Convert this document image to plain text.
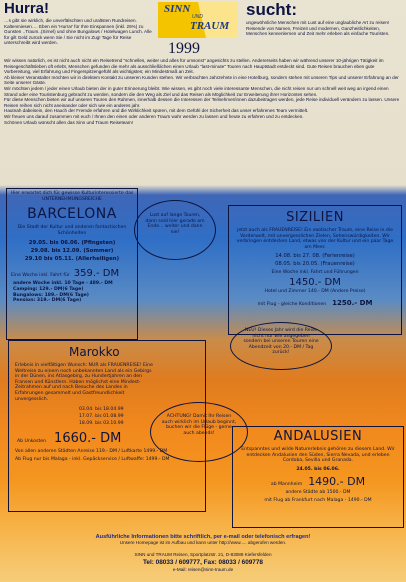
Hurra!
…s gibt sie wirklich, die unverfälschten und uraltsten Rundreisen. Kaltenmiesen…. Eben ein 'Hurra!' für Ihre Einspannen (inkl. 25%) zu Gunsten ..Traum..(Sirnel) und ohne Bungalows / Hotelwagen Lunch. Alle für gilt Geld zurück wenn Sie / Sie nicht im Zug! Tage für Reise unterschreibt wird werden.
SINN
UND
TRAUM
sucht:
ungewöhnliche Menschen mit Lust auf eine unglaubliche Art zu reisen! Reisende von Namen, Freizeit und modernen, Ganzheitlichkeiten, Menschen kennenlernen und Zeit mehr erleben als einfache Touristen.
1999

Wir wissen natürlich, es ist nicht auch nicht ein Reisetrend "schnelles, weiter und alles für umsonst" angesichts zu stellen. Andererseits haben wir während unserer 10-jährigen Tätigkeit im Reisegeschäftsleben oft erlebt, Menschen gefunden die mehr als ausschließlichen einen Urlaub "last-minute" Touren nach Hauptstadt entdeckt sind. Gute Reisen brauchen eben gute Vorbereitung, viel Erfahrung und Fingerspitzengefühl als wichtigstes; ein Mindestmaß an Zeit.

Ab kleiner Veranstalter möchten wir in direktem Kontakt zu unseren Kunden stehen. Wir verbrachten Jahrzehnte in eine Hotelburg, sondern stehen mit unseren Tips und unserer Erfahrung an der Seite unserer Gäste.

Wir möchten jedem / jeder einen Urlaub bieten der in guter Erinnerung bleibt. Wie wissen, es gibt noch viele interessante Menschen, die nicht reisen nur um schnell weit weg an irgend einen Strand oder eine Touristenburg gebracht zu werden, sondern die den Weg als Ziel und das Reisen als Möglichkeit zur Erweiterung ihrer Horizontes sehen.

Für diese Menschen bieten wir auf unseren Touren den Rahmen, innerhalb dessen die Interessen der Teilnehmer/innen dazubeitragen werden, jede Reise individuell verändern zu lassen. Unsere Reisen reihen sich nicht aneinander oder sich wie ein anderes jahr.

Hautnah dabeisein, den Hauch der Fremde erfahren und die Wirklichkeit spüren, mit dem Gefühl der Sicherheit das unser erfahrenes Team vermittelt.

Wir freuen uns darauf zusammen mit euch / Ihnen den einen oder anderen Traum wahr werden zu lassen und heute zu erfahren und zu entdecken.

Schönen Urlaub wünscht allen das Sinn und Traum Reiseteam!

Hier erwartet dich für gewisse Kulturinteressierte das UNTERNEHMUNGSREICHE
BARCELONA
Die Stadt der Kultur und anderen fantastischen Schönheiten
29.05. bis 06.06. (Pfingsten)
29.08. bis 12.09. (Sommer)
29.10 bis 05.11. (Allerheiligen)
Eine Woche inkl. Fahrt für 359.- DM
andere Woche inkl. 10 Tage - 489.- DM
Camping: 129.- DM(6 Tage)
Bungalows: 189.- DM(6 Tage)
Pension: 319.- DM(6 Tage)
Lust auf lange Touren, dann seid hier gerade am Ende... weiter und dann nie!
SIZILIEN
jetzt auch als FRAUENREISE! Ein exotischer Traum, eine Reise in die Vorderwelt, mit unvergesslichen Zielen, Sehenswürdigkeiten. Wir verbringen entdecken Land, etwas von der Kultur und ein paar Tage am Meer.
14.08. bis 27. 08. (Ferienreise)
08.05. bis 20.05. (Frauenreise)
Eine Woche inkl. Fahrt und Führungen
1450.- DM
Hotel und Zimmer 140.- DM (Andere Preise)
mit Flug - gleiche Konditionen 1250.- DM
NEU! Dieses Jahr wird die Reise nicht nur wie angegeben sondern bei unseren Touren eine Abendzeit von 20.- DM / Tag zurück!
Marokko
Erlebnis in vielfältigen Wunsch: NUR als FRAUENREISE! Eine Weltreise zu einem noch unbekannten Land als ein Gebirgs in der Dünen, ins Atlasgebirg, zu Hundertjahren an den Fransen und Künstlern. Haben möglichst eine Mindest-Zeitrahmen auf und nach Besuche des Landes in Erfahrungen gesammelt und Gastfreundlichkeit unvergesslich.
03.04. bis 18.04.99
17.07. bis 01.08.99
18.09. bis 03.10.99
Ab Unkosten 1660.- DM
Von allen anderen Städten Anreise 119.- DM / Luftkarte 1499.- DM
Ab Flug nur bis Malaga - inkl. Gepäckservice / Luftwaffe: 1499.- DM
ACHTUNG! Damit Ihr Reisen auch wirklich im Urlaub beginnt, buchen wir die Flüge - gerne auch abends!	ANDALUSIEN
Entspanntes und wilde Naturerlebnis gehören zu diesem Land. Wir entdecken Andalusien den Süden, Sierra Nevada, und erleben Cordoba, Sevilla und Granada.
24.05. bis 06.06.
ab Mannheim 1490.- DM
andere Städte ab 1500.- DM
mit Flug ab Frankfurt nach Malaga - 1490.- DM
Ausführliche Informationen bitte schriftlich, per e-mail oder telefonisch erfragen!
Unsere Homepage ist im Aufbau und kann unter http://www..... abgerufen werden.
SINN und TRAUM Reisen, Sportplatzstr. 21, D-83088 Kiefersfelden
Tel: 08033 / 609777, Fax: 08033 / 609778
e-Mail: reisen@sinn-traum.de
